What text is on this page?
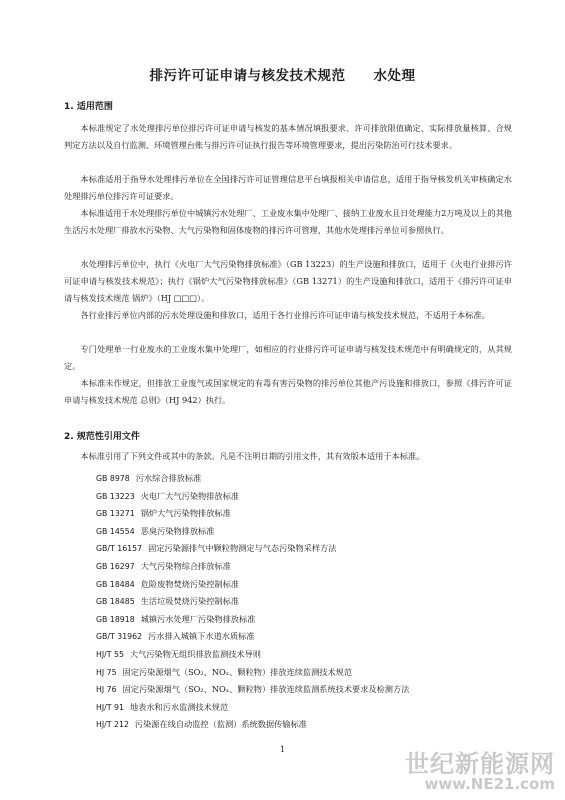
排污许可证申请与核发技术规范　　水处理
1. 适用范围

本标准规定了水处理排污单位排污许可证申请与核发的基本情况填报要求、许可排放限值确定、实际排放量核算、合规判定方法以及自行监测、环境管理台账与排污许可证执行报告等环境管理要求，提出污染防治可行技术要求。

本标准适用于指导水处理排污单位在全国排污许可证管理信息平台填报相关申请信息，适用于指导核发机关审核确定水处理排污单位排污许可证要求。

本标准适用于水处理排污单位中城镇污水处理厂、工业废水集中处理厂、接纳工业废水且日处理能力2万吨及以上的其他生活污水处理厂排放水污染物、大气污染物和固体废物的排污许可管理，其他水处理排污单位可参照执行。

水处理排污单位中，执行《火电厂大气污染物排放标准》（GB 13223）的生产设施和排放口，适用于《火电行业排污许可证申请与核发技术规范》；执行《锅炉大气污染物排放标准》（GB 13271）的生产设施和排放口，适用于《排污许可证申请与核发技术规范 锅炉》（HJ □□□）。

各行业排污单位内部的污水处理设施和排放口，适用于各行业排污许可证申请与核发技术规范，不适用于本标准。

专门处理单一行业废水的工业废水集中处理厂，如相应的行业排污许可证申请与核发技术规范中有明确规定的，从其规定。

本标准未作规定，但排放工业废气或国家规定的有毒有害污染物的排污单位其他产污设施和排放口，参照《排污许可证申请与核发技术规范 总则》（HJ 942）执行。

2. 规范性引用文件

本标准引用了下列文件或其中的条款。凡是不注明日期的引用文件，其有效版本适用于本标准。

GB 8978 污水综合排放标准
GB 13223 火电厂大气污染物排放标准
GB 13271 锅炉大气污染物排放标准
GB 14554 恶臭污染物排放标准
GB/T 16157 固定污染源排气中颗粒物测定与气态污染物采样方法
GB 16297 大气污染物综合排放标准
GB 18484 危险废物焚烧污染控制标准
GB 18485 生活垃圾焚烧污染控制标准
GB 18918 城镇污水处理厂污染物排放标准
GB/T 31962 污水排入城镇下水道水质标准
HJ/T 55 大气污染物无组织排放监测技术导则
HJ 75 固定污染源烟气（SO₂、NOₓ、颗粒物）排放连续监测技术规范
HJ 76 固定污染源烟气（SO₂、NOₓ、颗粒物）排放连续监测系统技术要求及检测方法
HJ/T 91 地表水和污水监测技术规范
HJ/T 212 污染源在线自动监控（监测）系统数据传输标准
1
世纪新能源网
www.NE21.com
